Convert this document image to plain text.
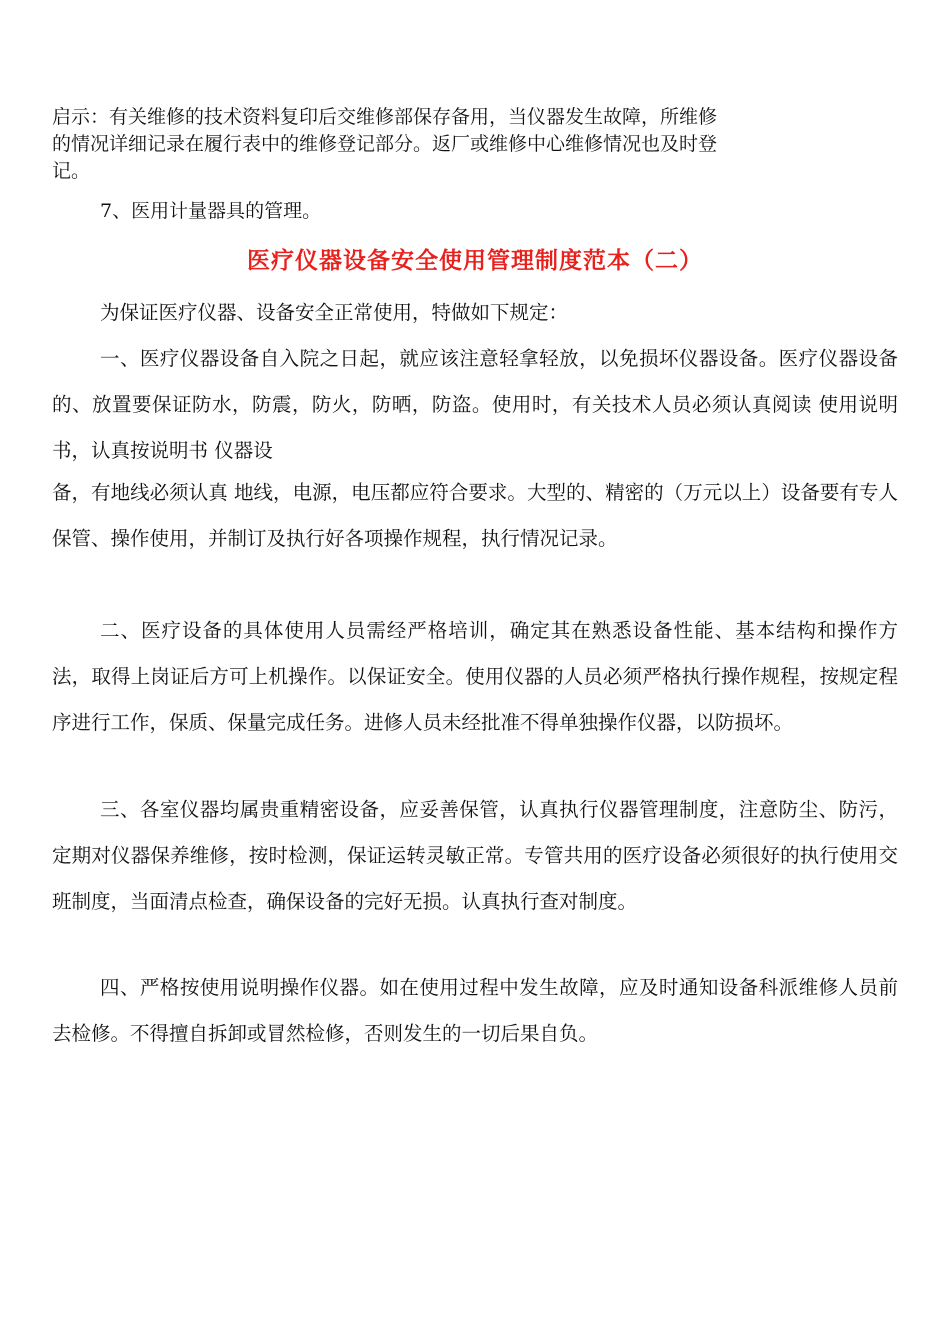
启示：有关维修的技术资料复印后交维修部保存备用，当仪器发生故障，所维修
的情况详细记录在履行表中的维修登记部分。返厂或维修中心维修情况也及时登
记。

7、医用计量器具的管理。

医疗仪器设备安全使用管理制度范本（二）

为保证医疗仪器、设备安全正常使用，特做如下规定：

一、医疗仪器设备自入院之日起，就应该注意轻拿轻放，以免损坏仪器设备。医疗仪器设备的、放置要保证防水，防震，防火，防晒，防盗。使用时，有关技术人员必须认真阅读 使用说明书，认真按说明书 仪器设

备，有地线必须认真 地线，电源，电压都应符合要求。大型的、精密的（万元以上）设备要有专人保管、操作使用，并制订及执行好各项操作规程，执行情况记录。

二、医疗设备的具体使用人员需经严格培训，确定其在熟悉设备性能、基本结构和操作方法，取得上岗证后方可上机操作。以保证安全。使用仪器的人员必须严格执行操作规程，按规定程序进行工作，保质、保量完成任务。进修人员未经批准不得单独操作仪器，以防损坏。

三、各室仪器均属贵重精密设备，应妥善保管，认真执行仪器管理制度，注意防尘、防污，定期对仪器保养维修，按时检测，保证运转灵敏正常。专管共用的医疗设备必须很好的执行使用交班制度，当面清点检查，确保设备的完好无损。认真执行查对制度。

四、严格按使用说明操作仪器。如在使用过程中发生故障，应及时通知设备科派维修人员前去检修。不得擅自拆卸或冒然检修，否则发生的一切后果自负。
